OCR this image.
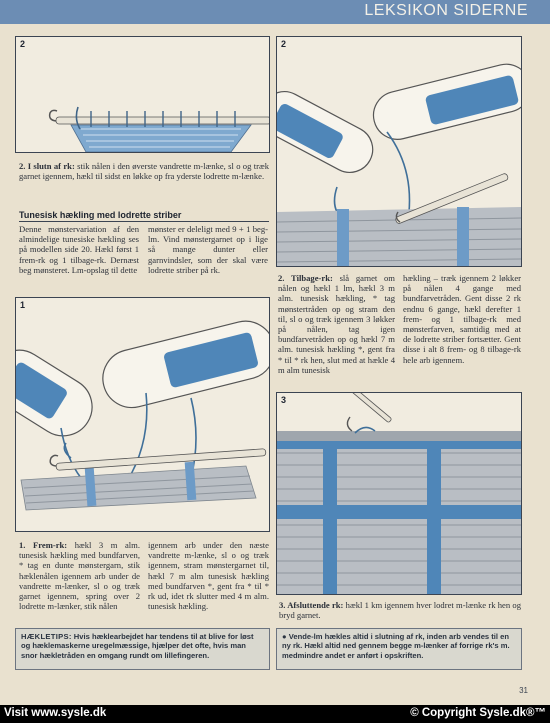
LEKSIKON SIDERNE
2
2. I slutn af rk: stik nålen i den øverste vandrette m-lænke, sl o og træk garnet igennem, hækl til sidst en løkke op fra yderste lodrette m-lænke.
Tunesisk hækling med lodrette striber
Denne mønstervariation af den almindelige tunesiske hækling ses på modellen side 20. Hækl først 1 frem-rk og 1 tilbage-rk. Dernæst beg mønsteret. Lm-opslag til dette
mønster er deleligt med 9 + 1 beg-lm. Vind mønstergarnet op i lige så mange dunter eller garnvindsler, som der skal være lodrette striber på rk.
2
1
2. Tilbage-rk: slå garnet om nålen og hækl 1 lm, hækl 3 m alm. tunesisk hækling, * tag mønstertråden op og stram den til, sl o og træk igennem 3 løkker på nålen, tag igen bundfarvetråden op og hækl 7 m alm. tunesisk hækling *, gent fra * til * rk hen, slut med at hækle 4 m alm tunesisk
hækling – træk igennem 2 løkker på nålen 4 gange med bundfarvetråden. Gent disse 2 rk endnu 6 gange, hækl derefter 1 frem- og 1 tilbage-rk med mønsterfarven, samtidig med at de lodrette striber fortsætter. Gent disse i alt 8 frem- og 8 tilbage-rk hele arb igennem.
1. Frem-rk: hækl 3 m alm. tunesisk hækling med bundfarven, * tag en dunte mønstergarn, stik hæklenålen igennem arb under de vandrette m-lænker, sl o og træk garnet igennem, spring over 2 lodrette m-lænker, stik nålen
igennem arb under den næste vandrette m-lænke, sl o og træk igennem, stram mønstergarnet til, hækl 7 m alm tunesisk hækling med bundfarven *, gent fra * til * rk ud, idet rk slutter med 4 m alm. tunesisk hækling.
3
3. Afsluttende rk: hækl 1 km igennem hver lodret m-lænke rk hen og bryd garnet.
HÆKLETIPS: Hvis hæklearbejdet har tendens til at blive for løst og hæklemaskerne uregelmæssige, hjælper det ofte, hvis man snor hækletråden en omgang rundt om lillefingeren.
● Vende-lm hækles altid i slutning af rk, inden arb vendes til en ny rk. Hækl altid ned gennem begge m-lænker af forrige rk's m. medmindre andet er anført i opskriften.
31
Visit www.sysle.dk	© Copyright Sysle.dk®™
